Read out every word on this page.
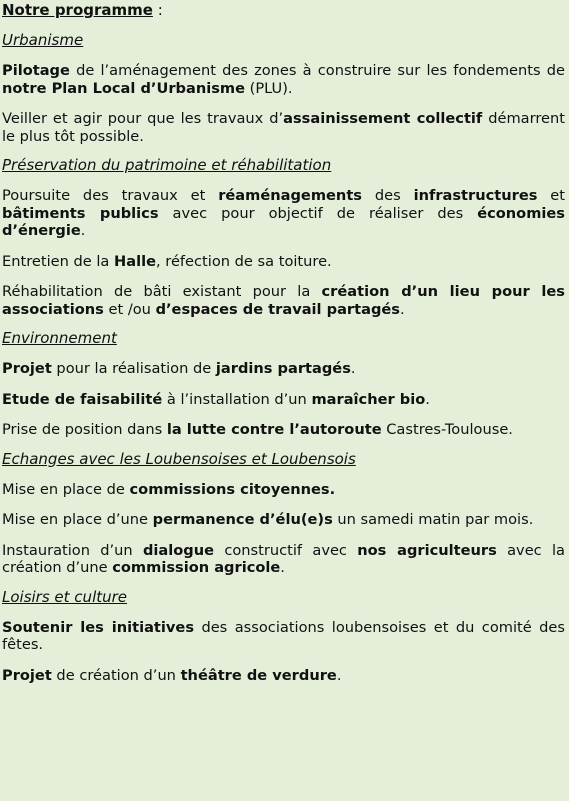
Notre programme :
Urbanisme

Pilotage de l’aménagement des zones à construire sur les fondements de notre Plan Local d’Urbanisme (PLU).

Veiller et agir pour que les travaux d’assainissement collectif démarrent le plus tôt possible.

Préservation du patrimoine et réhabilitation

Poursuite des travaux et réaménagements des infrastructures et bâtiments publics avec pour objectif de réaliser des économies d’énergie.

Entretien de la Halle, réfection de sa toiture.

Réhabilitation de bâti existant pour la création d’un lieu pour les associations et /ou d’espaces de travail partagés.

Environnement

Projet pour la réalisation de jardins partagés.

Etude de faisabilité à l’installation d’un maraîcher bio.

Prise de position dans la lutte contre l’autoroute Castres-Toulouse.

Echanges avec les Loubensoises et Loubensois

Mise en place de commissions citoyennes.

Mise en place d’une permanence d’élu(e)s un samedi matin par mois.

Instauration d’un dialogue constructif avec nos agriculteurs avec la création d’une commission agricole.

Loisirs et culture

Soutenir les initiatives des associations loubensoises et du comité des fêtes.

Projet de création d’un théâtre de verdure.
